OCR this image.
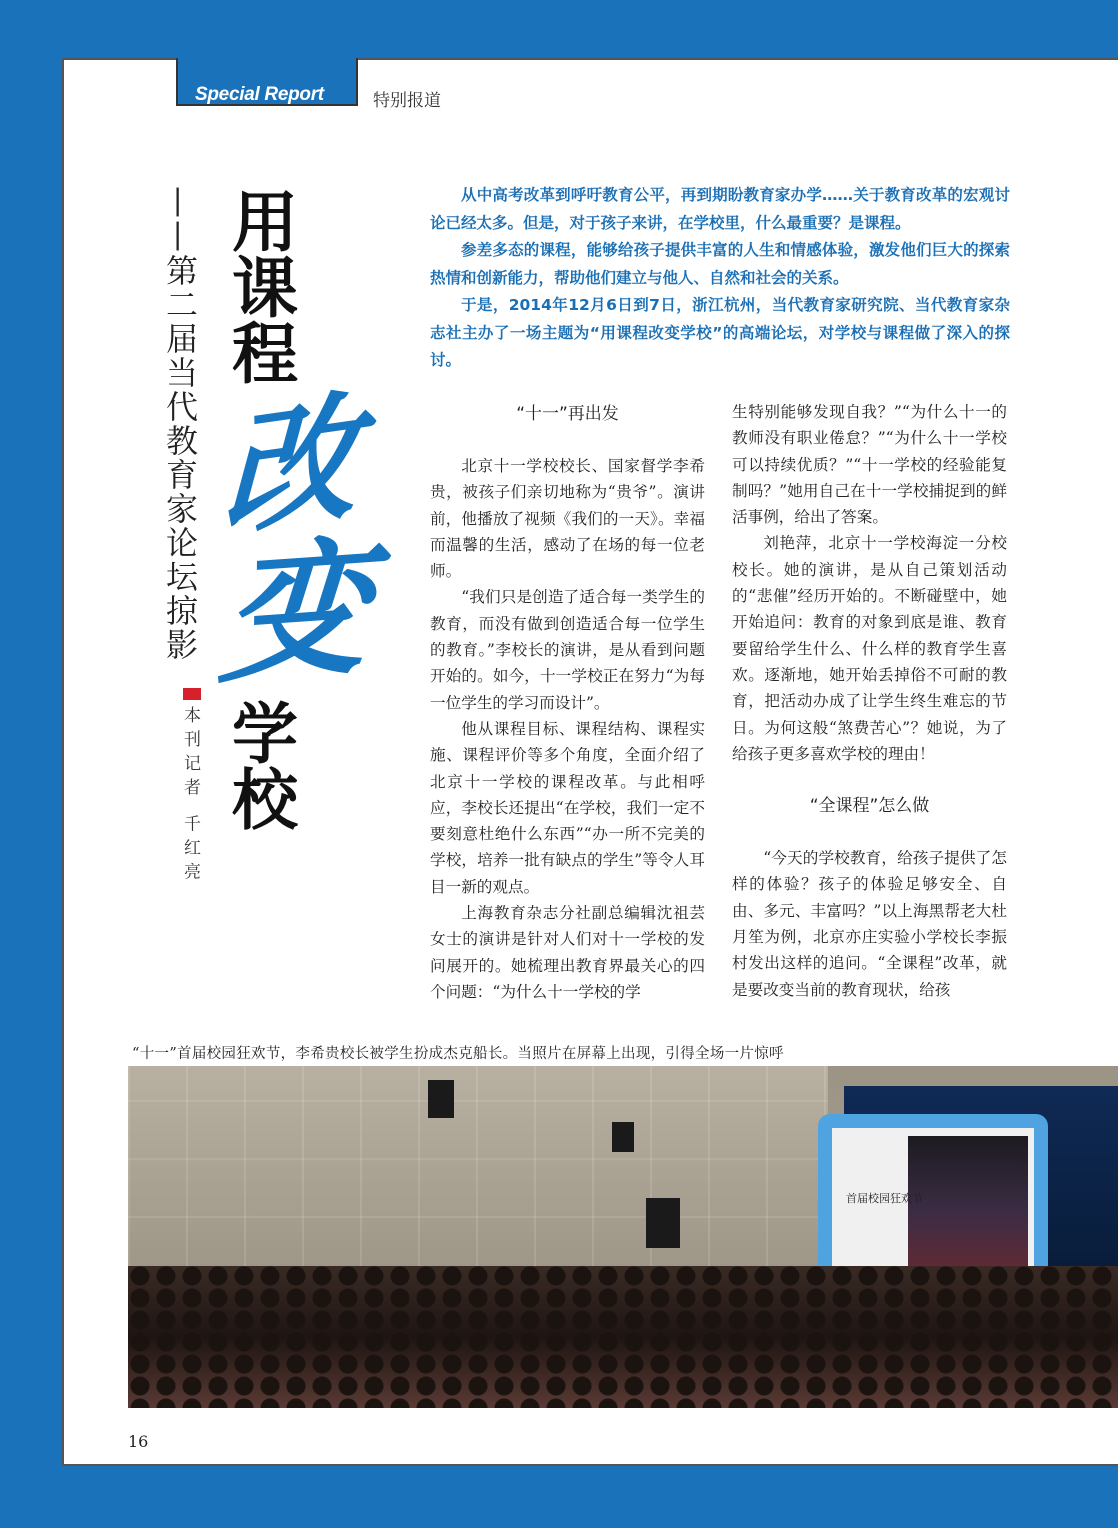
Special Report	特别报道
——第二届当代教育家论坛掠影
本刊记者 千红亮
用
课
程
改
变
学
校

从中高考改革到呼吁教育公平，再到期盼教育家办学……关于教育改革的宏观讨论已经太多。但是，对于孩子来讲，在学校里，什么最重要？是课程。

参差多态的课程，能够给孩子提供丰富的人生和情感体验，激发他们巨大的探索热情和创新能力，帮助他们建立与他人、自然和社会的关系。

于是，2014年12月6日到7日，浙江杭州，当代教育家研究院、当代教育家杂志社主办了一场主题为“用课程改变学校”的高端论坛，对学校与课程做了深入的探讨。

“十一”再出发

北京十一学校校长、国家督学李希贵，被孩子们亲切地称为“贵爷”。演讲前，他播放了视频《我们的一天》。幸福而温馨的生活，感动了在场的每一位老师。

“我们只是创造了适合每一类学生的教育，而没有做到创造适合每一位学生的教育。”李校长的演讲，是从看到问题开始的。如今，十一学校正在努力“为每一位学生的学习而设计”。

他从课程目标、课程结构、课程实施、课程评价等多个角度，全面介绍了北京十一学校的课程改革。与此相呼应，李校长还提出“在学校，我们一定不要刻意杜绝什么东西”“办一所不完美的学校，培养一批有缺点的学生”等令人耳目一新的观点。

上海教育杂志分社副总编辑沈祖芸女士的演讲是针对人们对十一学校的发问展开的。她梳理出教育界最关心的四个问题：“为什么十一学校的学

生特别能够发现自我？”“为什么十一的教师没有职业倦怠？”“为什么十一学校可以持续优质？”“十一学校的经验能复制吗？”她用自己在十一学校捕捉到的鲜活事例，给出了答案。

刘艳萍，北京十一学校海淀一分校校长。她的演讲，是从自己策划活动的“悲催”经历开始的。不断碰壁中，她开始追问：教育的对象到底是谁、教育要留给学生什么、什么样的教育学生喜欢。逐渐地，她开始丢掉俗不可耐的教育，把活动办成了让学生终生难忘的节日。为何这般“煞费苦心”？她说，为了给孩子更多喜欢学校的理由！

“全课程”怎么做

“今天的学校教育，给孩子提供了怎样的体验？孩子的体验足够安全、自由、多元、丰富吗？”以上海黑帮老大杜月笙为例，北京亦庄实验小学校长李振村发出这样的追问。“全课程”改革，就是要改变当前的教育现状，给孩

“十一”首届校园狂欢节，李希贵校长被学生扮成杰克船长。当照片在屏幕上出现，引得全场一片惊呼
首届校园狂欢节
16
